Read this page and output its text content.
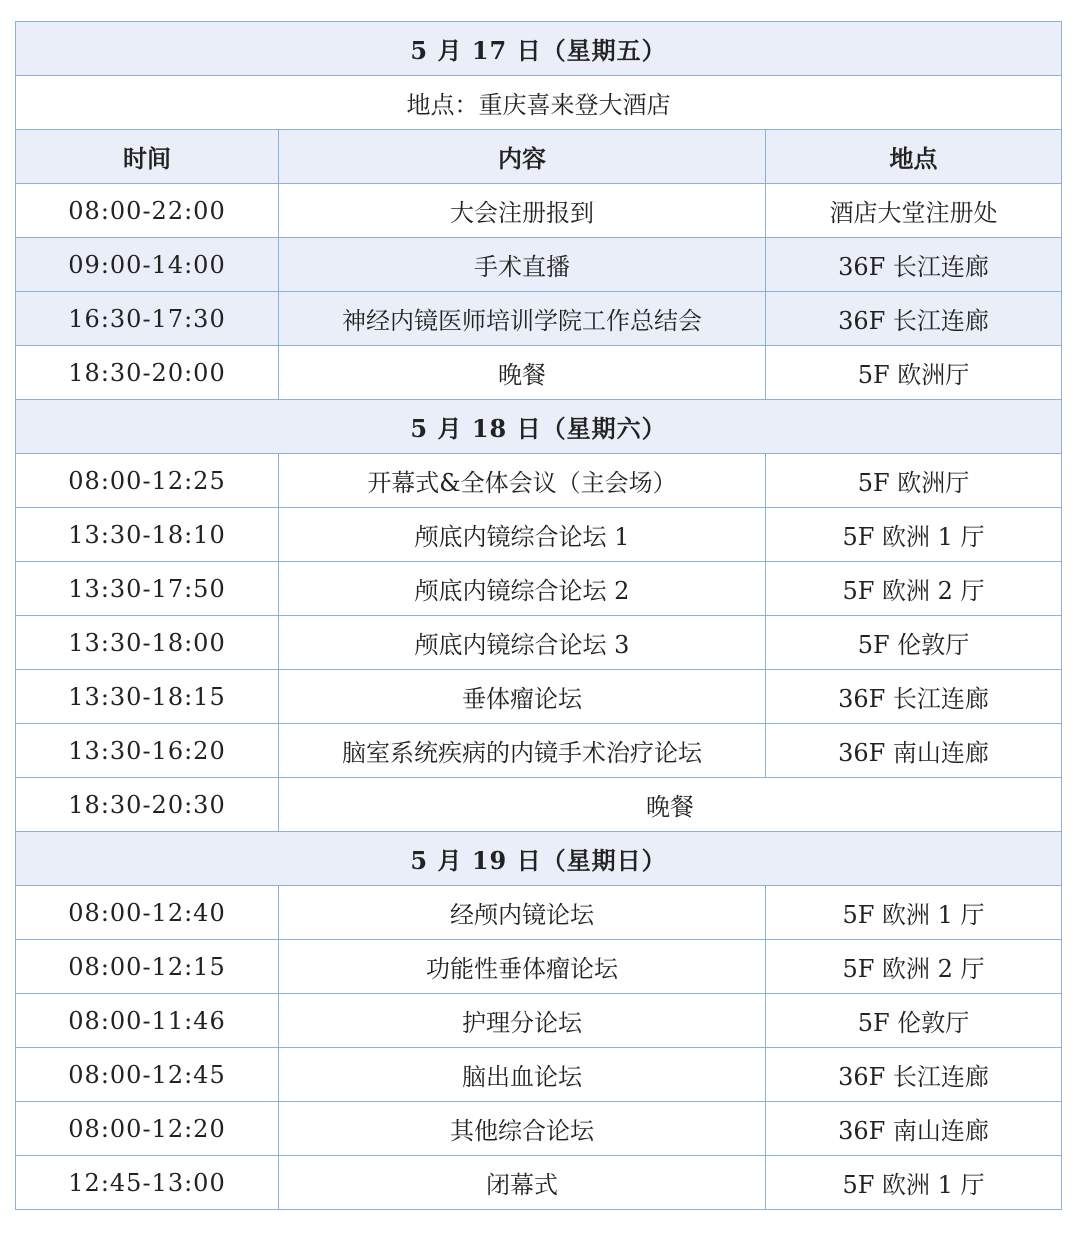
5 月 17 日（星期五）		
地点：重庆喜来登大酒店		
时间	内容	地点
08:00-22:00	大会注册报到	酒店大堂注册处
09:00-14:00	手术直播	36F 长江连廊
16:30-17:30	神经内镜医师培训学院工作总结会	36F 长江连廊
18:30-20:00	晚餐	5F 欧洲厅
5 月 18 日（星期六）		
08:00-12:25	开幕式&全体会议（主会场）	5F 欧洲厅
13:30-18:10	颅底内镜综合论坛 1	5F 欧洲 1 厅
13:30-17:50	颅底内镜综合论坛 2	5F 欧洲 2 厅
13:30-18:00	颅底内镜综合论坛 3	5F 伦敦厅
13:30-18:15	垂体瘤论坛	36F 长江连廊
13:30-16:20	脑室系统疾病的内镜手术治疗论坛	36F 南山连廊
18:30-20:30	晚餐	
5 月 19 日（星期日）		
08:00-12:40	经颅内镜论坛	5F 欧洲 1 厅
08:00-12:15	功能性垂体瘤论坛	5F 欧洲 2 厅
08:00-11:46	护理分论坛	5F 伦敦厅
08:00-12:45	脑出血论坛	36F 长江连廊
08:00-12:20	其他综合论坛	36F 南山连廊
12:45-13:00	闭幕式	5F 欧洲 1 厅
